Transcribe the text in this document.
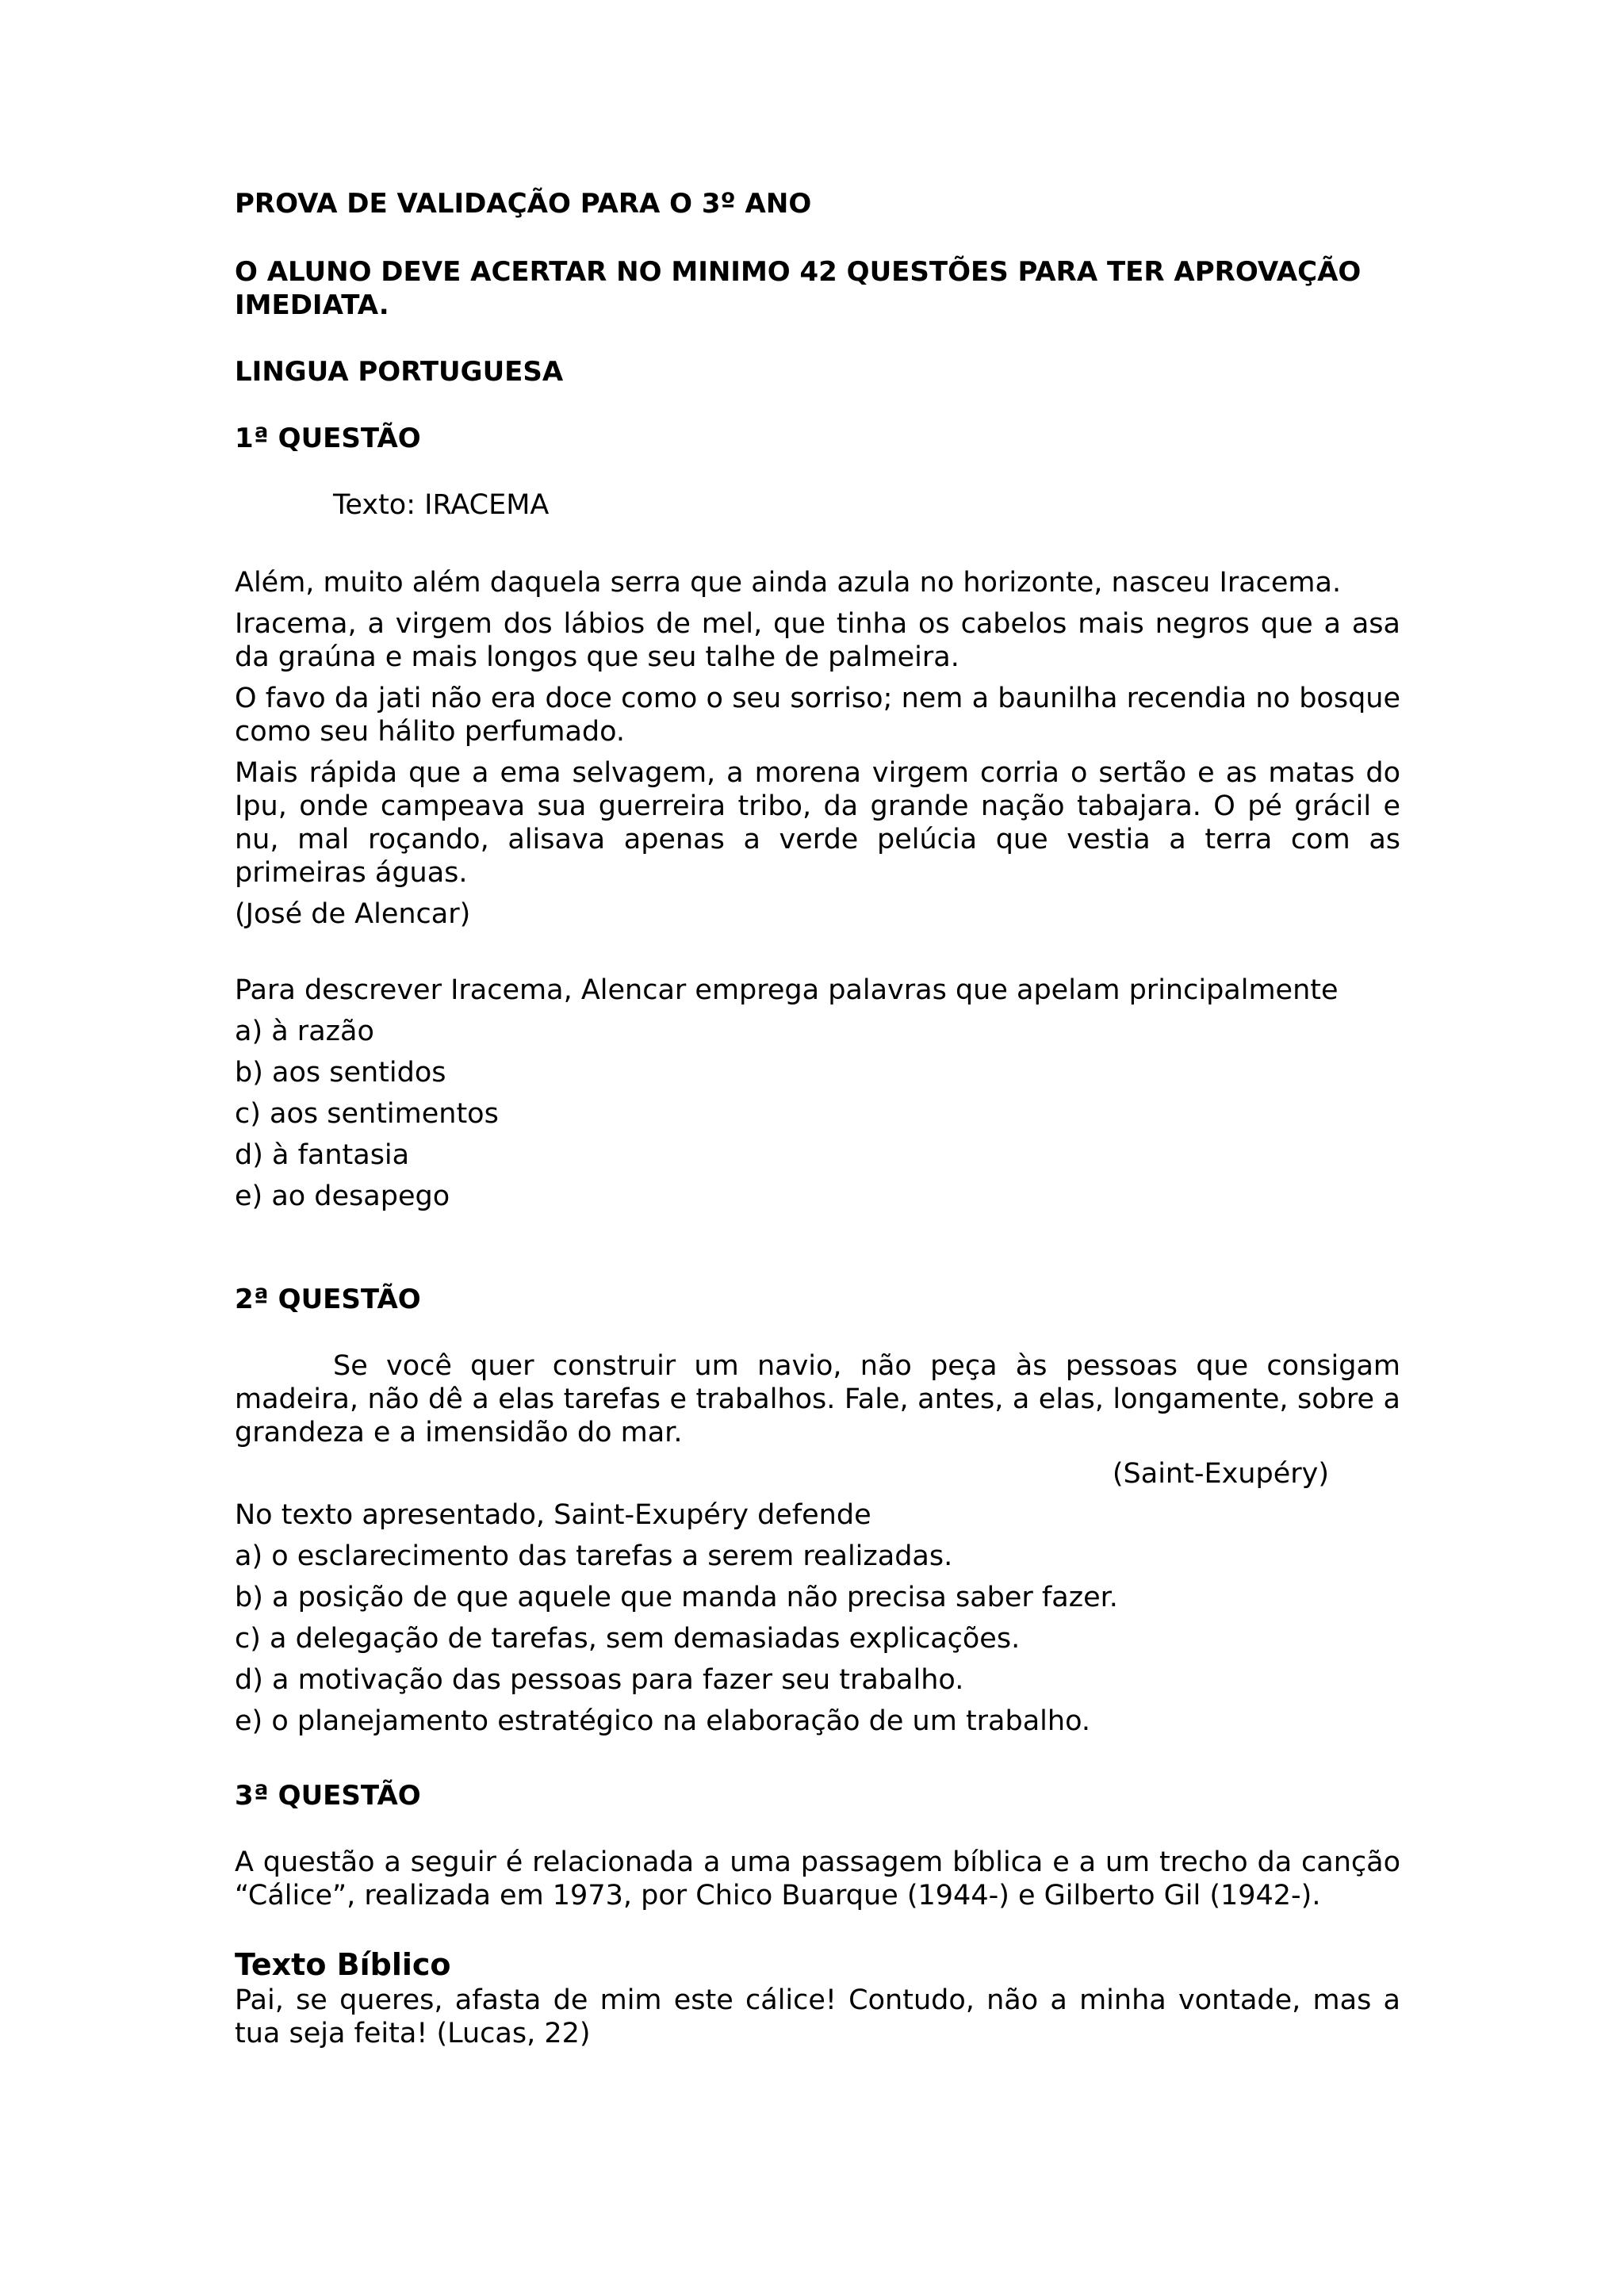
PROVA DE VALIDAÇÃO PARA O 3º ANO

O ALUNO DEVE ACERTAR NO MINIMO 42 QUESTÕES PARA TER APROVAÇÃO IMEDIATA.

LINGUA PORTUGUESA

1ª QUESTÃO

Texto: IRACEMA

Além, muito além daquela serra que ainda azula no horizonte, nasceu Iracema.

Iracema, a virgem dos lábios de mel, que tinha os cabelos mais negros que a asa da graúna e mais longos que seu talhe de palmeira.

O favo da jati não era doce como o seu sorriso; nem a baunilha recendia no bosque como seu hálito perfumado.

Mais rápida que a ema selvagem, a morena virgem corria o sertão e as matas do Ipu, onde campeava sua guerreira tribo, da grande nação tabajara. O pé grácil e nu, mal roçando, alisava apenas a verde pelúcia que vestia a terra com as primeiras águas.

(José de Alencar)

Para descrever Iracema, Alencar emprega palavras que apelam principalmente

a) à razão

b) aos sentidos

c) aos sentimentos

d) à fantasia

e) ao desapego

2ª QUESTÃO

Se você quer construir um navio, não peça às pessoas que consigam madeira, não dê a elas tarefas e trabalhos. Fale, antes, a elas, longamente, sobre a grandeza e a imensidão do mar.

(Saint-Exupéry)

No texto apresentado, Saint-Exupéry defende

a) o esclarecimento das tarefas a serem realizadas.

b) a posição de que aquele que manda não precisa saber fazer.

c) a delegação de tarefas, sem demasiadas explicações.

d) a motivação das pessoas para fazer seu trabalho.

e) o planejamento estratégico na elaboração de um trabalho.

3ª QUESTÃO

A questão a seguir é relacionada a uma passagem bíblica e a um trecho da canção “Cálice”, realizada em 1973, por Chico Buarque (1944-) e Gilberto Gil (1942-).

Texto Bíblico

Pai, se queres, afasta de mim este cálice! Contudo, não a minha vontade, mas a tua seja feita! (Lucas, 22)
